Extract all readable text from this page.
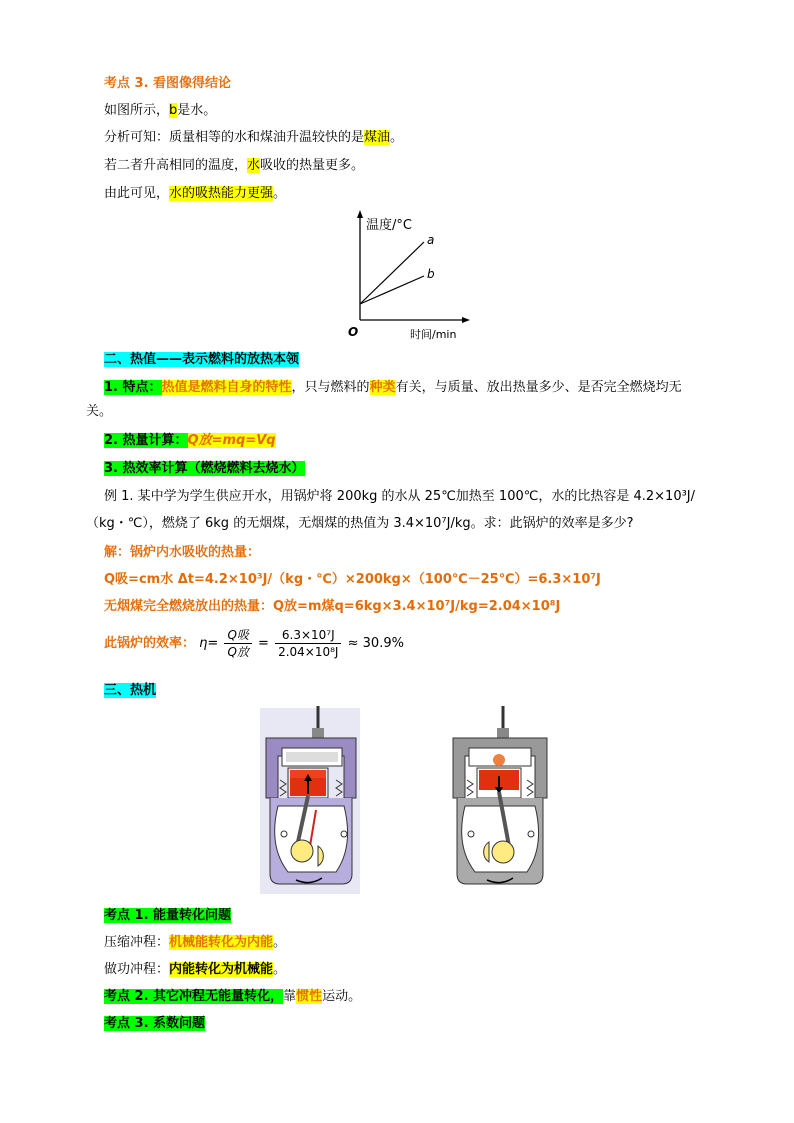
考点 3. 看图像得结论
如图所示，b是水。
分析可知：质量相等的水和煤油升温较快的是煤油。
若二者升高相同的温度，水吸收的热量更多。
由此可见，水的吸热能力更强。
温度/°C
a
b
O	时间/min
二、热值——表示燃料的放热本领
1. 特点：热值是燃料自身的特性，只与燃料的种类有关，与质量、放出热量多少、是否完全燃烧均无
关。
2. 热量计算：Q放=mq=Vq
3. 热效率计算（燃烧燃料去烧水）
例 1. 某中学为学生供应开水，用锅炉将 200kg 的水从 25℃加热至 100℃，水的比热容是 4.2×10³J/
（kg・℃），燃烧了 6kg 的无烟煤，无烟煤的热值为 3.4×10⁷J/kg。求：此锅炉的效率是多少?
解：锅炉内水吸收的热量：
Q吸=cm水 Δt=4.2×10³J/（kg・℃）×200kg×（100℃－25℃）=6.3×10⁷J
无烟煤完全燃烧放出的热量：Q放=m煤q=6kg×3.4×10⁷J/kg=2.04×10⁸J
此锅炉的效率： $\eta= \frac{\text{Q吸}}{\text{Q放}} = \frac{\text{6.3×10⁷J}}{\text{2.04×10⁸J}} \approx 30.9\%$
三、热机
考点 1. 能量转化问题
压缩冲程：机械能转化为内能。
做功冲程：内能转化为机械能。
考点 2. 其它冲程无能量转化，靠惯性运动。
考点 3. 系数问题
